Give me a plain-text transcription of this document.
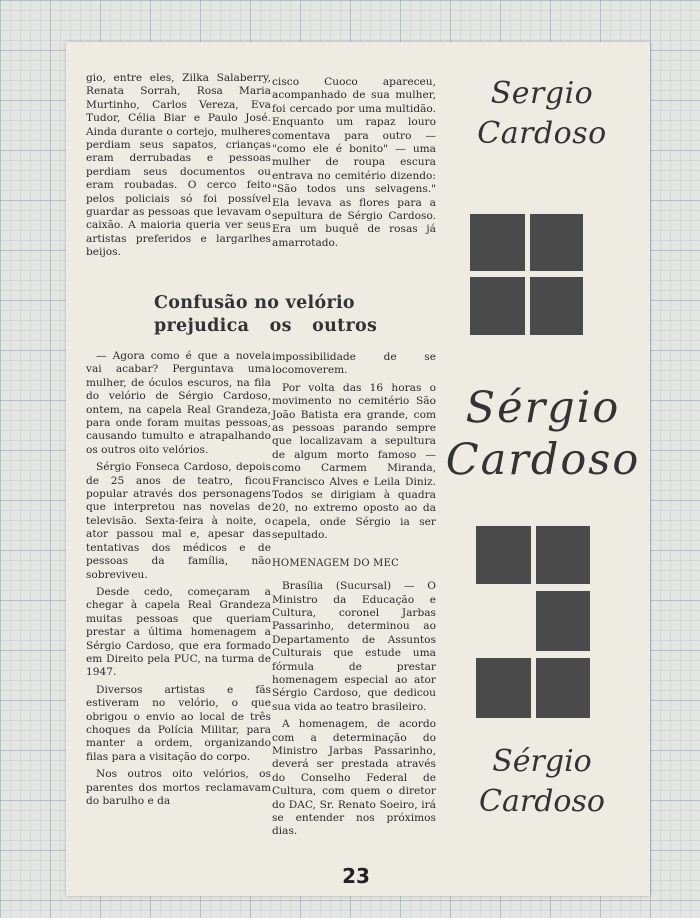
gio, entre eles, Zilka Salaberry, Renata Sorrah, Rosa Maria Murtinho, Carlos Vereza, Eva Tudor, Célia Biar e Paulo José. Ainda durante o cortejo, mulheres perdiam seus sapatos, crianças eram derrubadas e pessoas perdiam seus documentos ou eram roubadas. O cerco feito pelos policiais só foi possível guardar as pessoas que levavam o caixão. A maioria queria ver seus artistas preferidos e largarlhes beijos.

cisco Cuoco apareceu, acompanhado de sua mulher, foi cercado por uma multidão. Enquanto um rapaz louro comentava para outro — "como ele é bonito" — uma mulher de roupa escura entrava no cemitério dizendo: "São todos uns selvagens." Ela levava as flores para a sepultura de Sérgio Cardoso. Era um buquê de rosas já amarrotado.

Confusão no velório
prejudica os outros

— Agora como é que a novela vai acabar? Perguntava uma mulher, de óculos escuros, na fila do velório de Sérgio Cardoso, ontem, na capela Real Grandeza, para onde foram muitas pessoas, causando tumulto e atrapalhando os outros oito velórios.

Sérgio Fonseca Cardoso, depois de 25 anos de teatro, ficou popular através dos personagens que interpretou nas novelas de televisão. Sexta-feira à noite, o ator passou mal e, apesar das tentativas dos médicos e de pessoas da família, não sobreviveu.

Desde cedo, começaram a chegar à capela Real Grandeza muitas pessoas que queriam prestar a última homenagem a Sérgio Cardoso, que era formado em Direito pela PUC, na turma de 1947.

Diversos artistas e fãs estiveram no velório, o que obrigou o envio ao local de três choques da Polícia Militar, para manter a ordem, organizando filas para a visitação do corpo.

Nos outros oito velórios, os parentes dos mortos reclamavam do barulho e da

impossibilidade de se locomoverem.

Por volta das 16 horas o movimento no cemitério São João Batista era grande, com as pessoas parando sempre que localizavam a sepultura de algum morto famoso — como Carmem Miranda, Francisco Alves e Leila Diniz. Todos se dirigiam à quadra 20, no extremo oposto ao da capela, onde Sérgio ia ser sepultado.

HOMENAGEM DO MEC

Brasília (Sucursal) — O Ministro da Educação e Cultura, coronel Jarbas Passarinho, determinou ao Departamento de Assuntos Culturais que estude uma fórmula de prestar homenagem especial ao ator Sérgio Cardoso, que dedicou sua vida ao teatro brasileiro.

A homenagem, de acordo com a determinação do Ministro Jarbas Passarinho, deverá ser prestada através do Conselho Federal de Cultura, com quem o diretor do DAC, Sr. Renato Soeiro, irá se entender nos próximos dias.

Sergio
Cardoso
Sérgio
Cardoso
Sérgio
Cardoso
23
